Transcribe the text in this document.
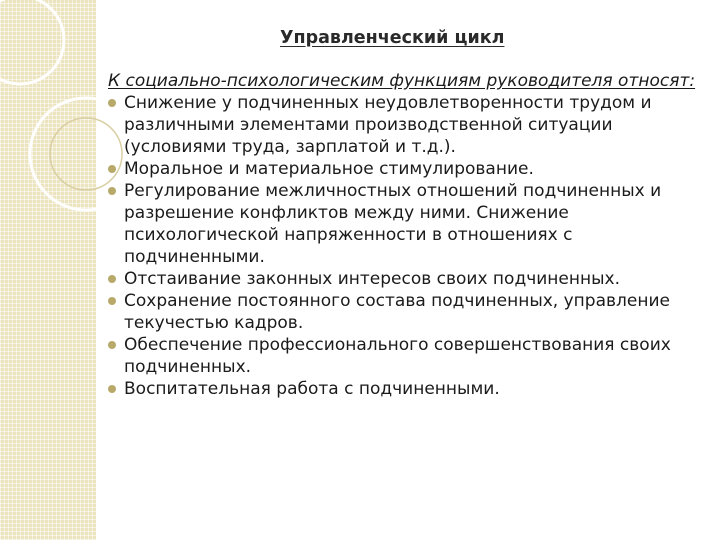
Управленческий цикл

К социально-психологическим функциям руководителя относят:

Снижение у подчиненных неудовлетворенности трудом и различными элементами производственной ситуации (условиями труда, зарплатой и т.д.).
Моральное и материальное стимулирование.
Регулирование межличностных отношений подчиненных и разрешение конфликтов между ними. Снижение психологической напряженности в отношениях с подчиненными.
Отстаивание законных интересов своих подчиненных.
Сохранение постоянного состава подчиненных, управление текучестью кадров.
Обеспечение профессионального совершенствования своих подчиненных.
Воспитательная работа с подчиненными.
